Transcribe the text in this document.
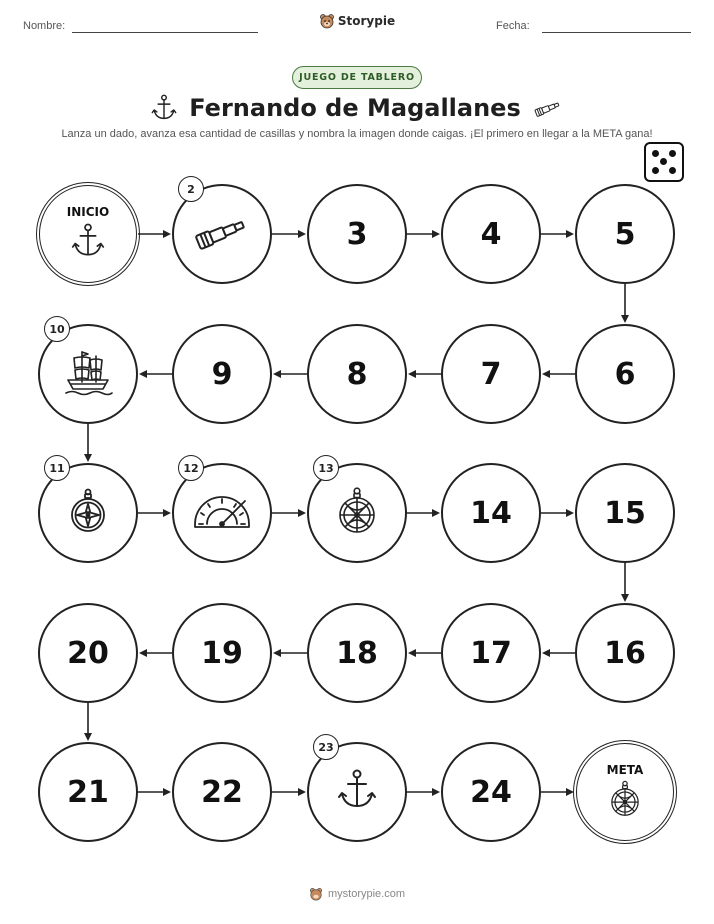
Nombre:	Storypie	Fecha:
JUEGO DE TABLERO
Fernando de Magallanes
Lanza un dado, avanza esa cantidad de casillas y nombra la imagen donde caigas. ¡El primero en llegar a la META gana!
INICIO
2
3	4	5
6
7
8
9
10
11	12	13
14	15
16
17
18
19
20
21	22
23
24
META
mystorypie.com
